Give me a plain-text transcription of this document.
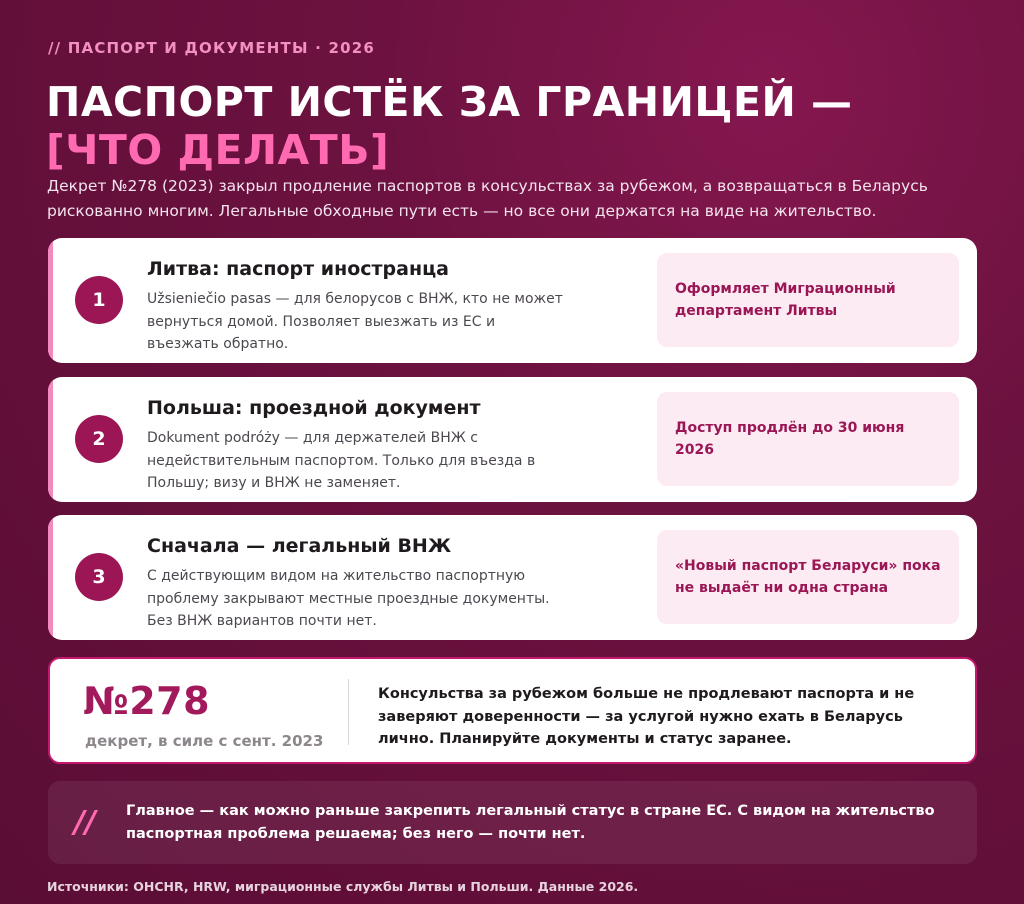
// ПАСПОРТ И ДОКУМЕНТЫ · 2026
ПАСПОРТ ИСТЁК ЗА ГРАНИЦЕЙ —
[ЧТО ДЕЛАТЬ]

Декрет №278 (2023) закрыл продление паспортов в консульствах за рубежом, а возвращаться в Беларусь рискованно многим. Легальные обходные пути есть — но все они держатся на виде на жительство.

1
Литва: паспорт иностранца
Užsieniečio pasas — для белорусов с ВНЖ, кто не может вернуться домой. Позволяет выезжать из ЕС и въезжать обратно.
Оформляет Миграционный департамент Литвы
2
Польша: проездной документ
Dokument podróży — для держателей ВНЖ с недействительным паспортом. Только для въезда в Польшу; визу и ВНЖ не заменяет.
Доступ продлён до 30 июня 2026
3
Сначала — легальный ВНЖ
С действующим видом на жительство паспортную проблему закрывают местные проездные документы. Без ВНЖ вариантов почти нет.
«Новый паспорт Беларуси» пока не выдаёт ни одна страна
№278
декрет, в силе с сент. 2023
Консульства за рубежом больше не продлевают паспорта и не заверяют доверенности — за услугой нужно ехать в Беларусь лично. Планируйте документы и статус заранее.
// Главное — как можно раньше закрепить легальный статус в стране ЕС. С видом на жительство паспортная проблема решаема; без него — почти нет.
Источники: OHCHR, HRW, миграционные службы Литвы и Польши. Данные 2026.
